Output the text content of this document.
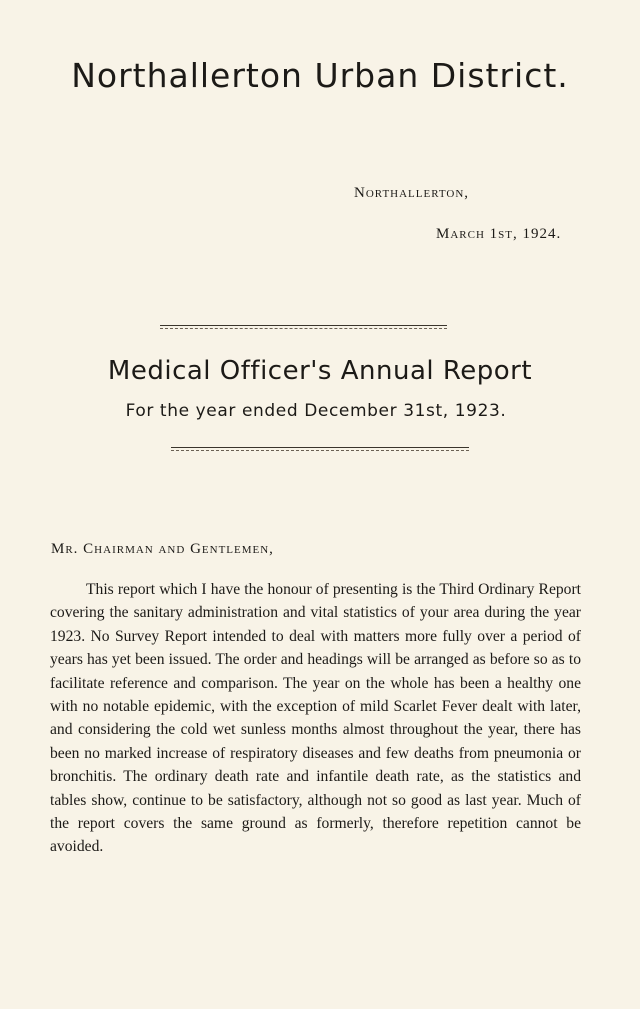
Northallerton Urban District.
Northallerton,
March 1st, 1924.
Medical Officer's Annual Report
For the year ended December 31st, 1923.
Mr. Chairman and Gentlemen,

This report which I have the honour of presenting is the Third Ordinary Report covering the sanitary administration and vital statistics of your area during the year 1923. No Survey Report intended to deal with matters more fully over a period of years has yet been issued. The order and headings will be arranged as before so as to facilitate reference and comparison. The year on the whole has been a healthy one with no notable epidemic, with the exception of mild Scarlet Fever dealt with later, and considering the cold wet sunless months almost throughout the year, there has been no marked increase of respiratory diseases and few deaths from pneumonia or bronchitis. The ordinary death rate and infantile death rate, as the statistics and tables show, continue to be satisfactory, although not so good as last year. Much of the report covers the same ground as formerly, therefore repetition cannot be avoided.
